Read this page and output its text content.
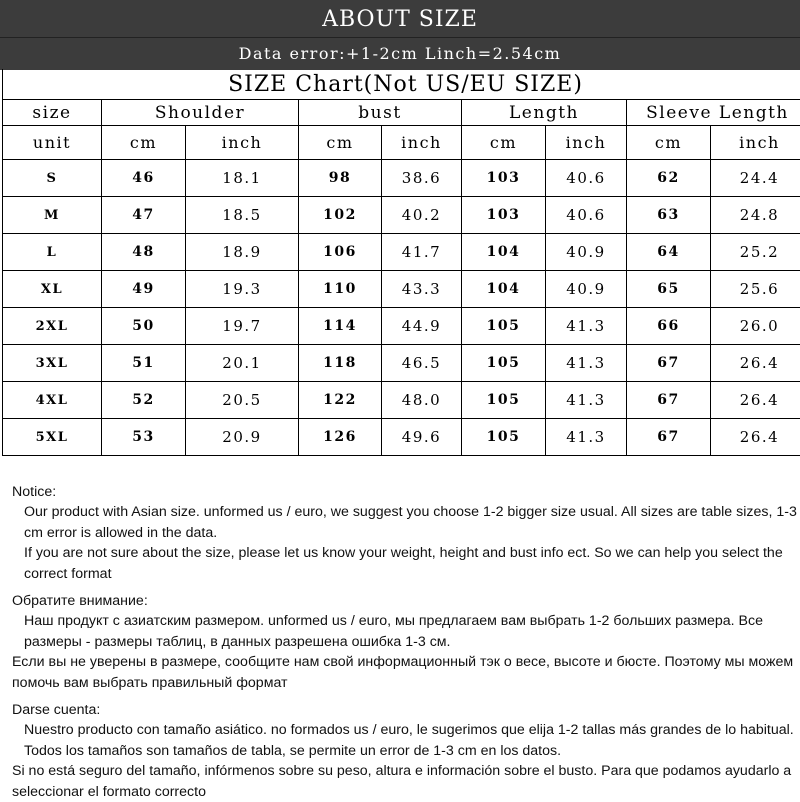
ABOUT SIZE
Data error:+1-2cm Linch=2.54cm
SIZE Chart(Not US/EU SIZE)								
size	Shoulder		bust		Length		Sleeve Length	
unit	cm	inch	cm	inch	cm	inch	cm	inch
S	46	18.1	98	38.6	103	40.6	62	24.4
M	47	18.5	102	40.2	103	40.6	63	24.8
L	48	18.9	106	41.7	104	40.9	64	25.2
XL	49	19.3	110	43.3	104	40.9	65	25.6
2XL	50	19.7	114	44.9	105	41.3	66	26.0
3XL	51	20.1	118	46.5	105	41.3	67	26.4
4XL	52	20.5	122	48.0	105	41.3	67	26.4
5XL	53	20.9	126	49.6	105	41.3	67	26.4

Notice:

Our product with Asian size. unformed us / euro, we suggest you choose 1-2 bigger size usual. All sizes are table sizes, 1-3 cm error is allowed in the data.

If you are not sure about the size, please let us know your weight, height and bust info ect. So we can help you select the correct format

Обратите внимание:

Наш продукт с азиатским размером. unformed us / euro, мы предлагаем вам выбрать 1-2 больших размера. Все размеры - размеры таблиц, в данных разрешена ошибка 1-3 см.

Если вы не уверены в размере, сообщите нам свой информационный тэк о весе, высоте и бюсте. Поэтому мы можем помочь вам выбрать правильный формат

Darse cuenta:

Nuestro producto con tamaño asiático. no formados us / euro, le sugerimos que elija 1-2 tallas más grandes de lo habitual. Todos los tamaños son tamaños de tabla, se permite un error de 1-3 cm en los datos.

Si no está seguro del tamaño, infórmenos sobre su peso, altura e información sobre el busto. Para que podamos ayudarlo a seleccionar el formato correcto
